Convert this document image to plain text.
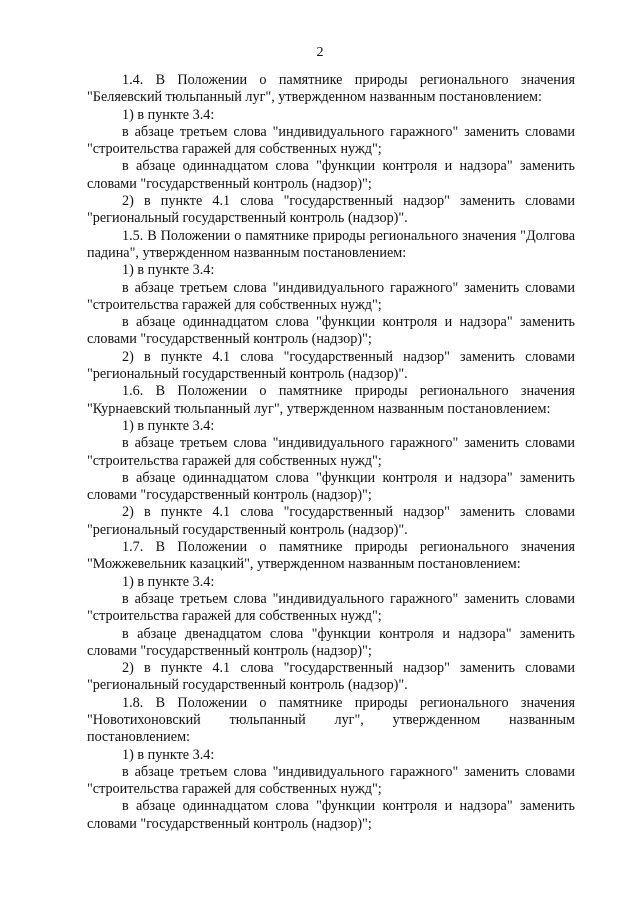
2

1.4. В Положении о памятнике природы регионального значения "Беляевский тюльпанный луг", утвержденном названным постановлением:

1) в пункте 3.4:

в абзаце третьем слова "индивидуального гаражного" заменить словами "строительства гаражей для собственных нужд";

в абзаце одиннадцатом слова "функции контроля и надзора" заменить словами "государственный контроль (надзор)";

2) в пункте 4.1 слова "государственный надзор" заменить словами "региональный государственный контроль (надзор)".

1.5. В Положении о памятнике природы регионального значения "Долгова падина", утвержденном названным постановлением:

1) в пункте 3.4:

в абзаце третьем слова "индивидуального гаражного" заменить словами "строительства гаражей для собственных нужд";

в абзаце одиннадцатом слова "функции контроля и надзора" заменить словами "государственный контроль (надзор)";

2) в пункте 4.1 слова "государственный надзор" заменить словами "региональный государственный контроль (надзор)".

1.6. В Положении о памятнике природы регионального значения "Курнаевский тюльпанный луг", утвержденном названным постановлением:

1) в пункте 3.4:

в абзаце третьем слова "индивидуального гаражного" заменить словами "строительства гаражей для собственных нужд";

в абзаце одиннадцатом слова "функции контроля и надзора" заменить словами "государственный контроль (надзор)";

2) в пункте 4.1 слова "государственный надзор" заменить словами "региональный государственный контроль (надзор)".

1.7. В Положении о памятнике природы регионального значения "Можжевельник казацкий", утвержденном названным постановлением:

1) в пункте 3.4:

в абзаце третьем слова "индивидуального гаражного" заменить словами "строительства гаражей для собственных нужд";

в абзаце двенадцатом слова "функции контроля и надзора" заменить словами "государственный контроль (надзор)";

2) в пункте 4.1 слова "государственный надзор" заменить словами "региональный государственный контроль (надзор)".

1.8. В Положении о памятнике природы регионального значения "Новотихоновский тюльпанный луг", утвержденном названным постановлением:

1) в пункте 3.4:

в абзаце третьем слова "индивидуального гаражного" заменить словами "строительства гаражей для собственных нужд";

в абзаце одиннадцатом слова "функции контроля и надзора" заменить словами "государственный контроль (надзор)";
